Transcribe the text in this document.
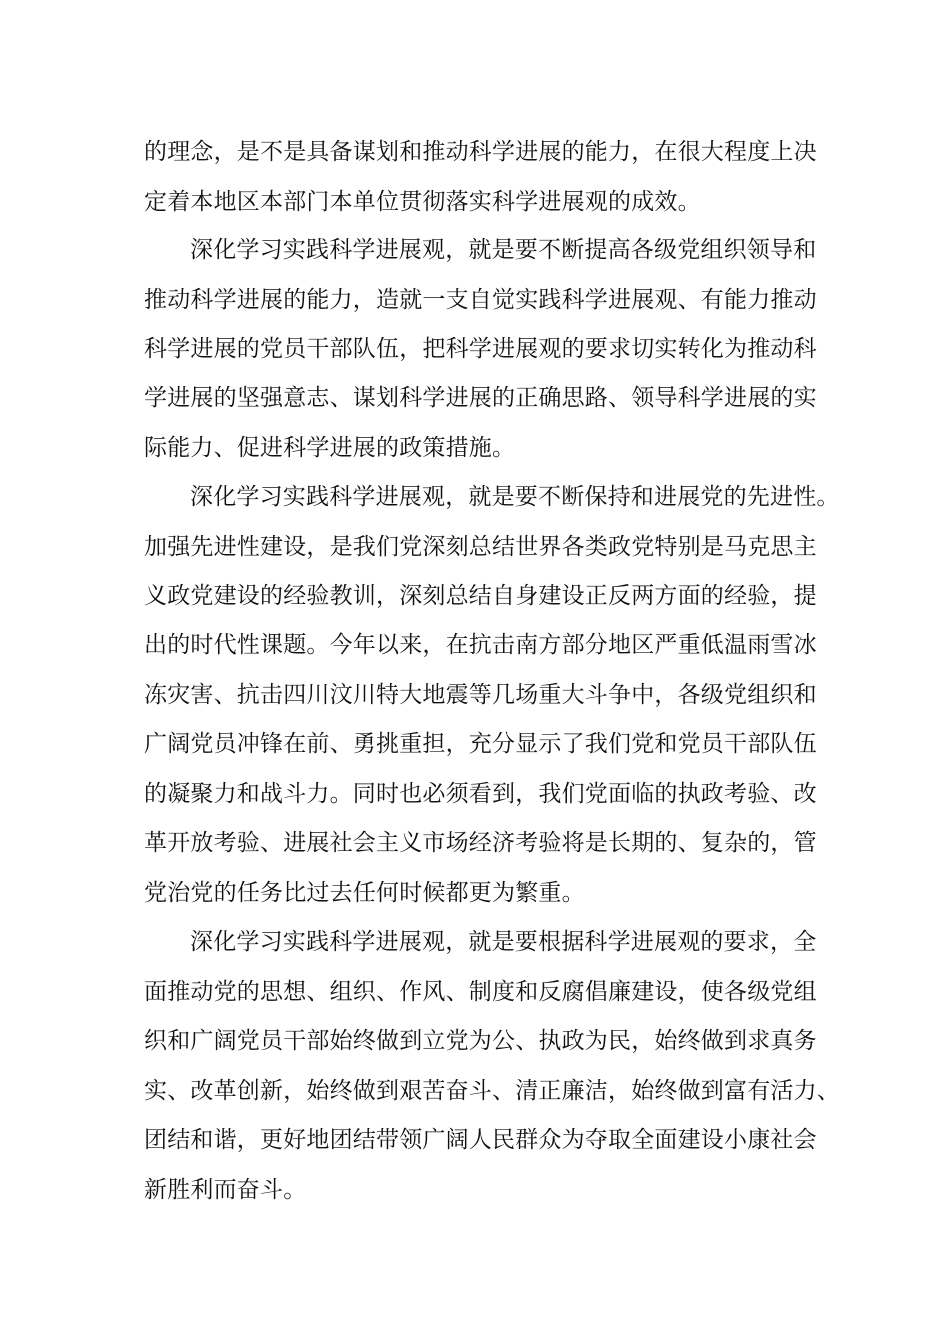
的理念，是不是具备谋划和推动科学进展的能力，在很大程度上决
定着本地区本部门本单位贯彻落实科学进展观的成效。
深化学习实践科学进展观，就是要不断提高各级党组织领导和
推动科学进展的能力，造就一支自觉实践科学进展观、有能力推动
科学进展的党员干部队伍，把科学进展观的要求切实转化为推动科
学进展的坚强意志、谋划科学进展的正确思路、领导科学进展的实
际能力、促进科学进展的政策措施。
深化学习实践科学进展观，就是要不断保持和进展党的先进性。
加强先进性建设，是我们党深刻总结世界各类政党特别是马克思主
义政党建设的经验教训，深刻总结自身建设正反两方面的经验，提
出的时代性课题。今年以来，在抗击南方部分地区严重低温雨雪冰
冻灾害、抗击四川汶川特大地震等几场重大斗争中，各级党组织和
广阔党员冲锋在前、勇挑重担，充分显示了我们党和党员干部队伍
的凝聚力和战斗力。同时也必须看到，我们党面临的执政考验、改
革开放考验、进展社会主义市场经济考验将是长期的、复杂的，管
党治党的任务比过去任何时候都更为繁重。
深化学习实践科学进展观，就是要根据科学进展观的要求，全
面推动党的思想、组织、作风、制度和反腐倡廉建设，使各级党组
织和广阔党员干部始终做到立党为公、执政为民，始终做到求真务
实、改革创新，始终做到艰苦奋斗、清正廉洁，始终做到富有活力、
团结和谐，更好地团结带领广阔人民群众为夺取全面建设小康社会
新胜利而奋斗。
